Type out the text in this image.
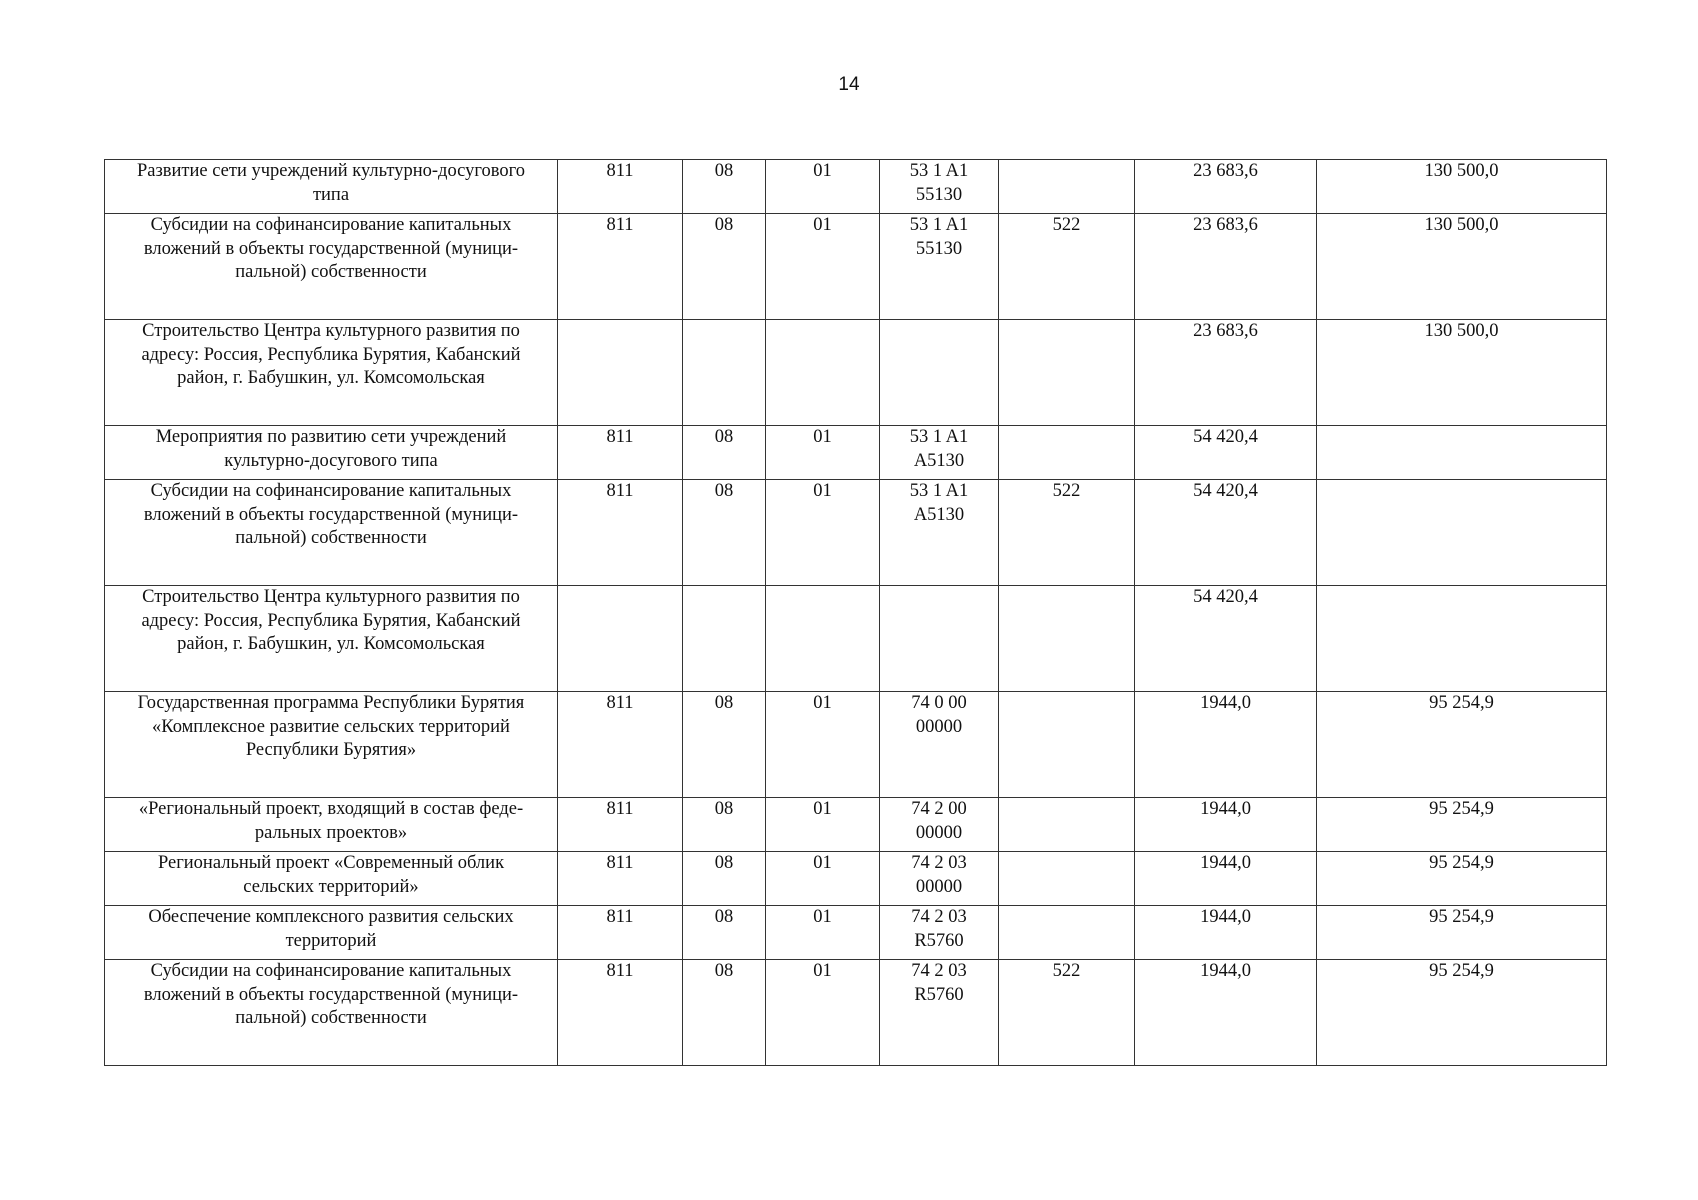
14
Развитие сети учреждений культурно-досугового
типа	811	08	01	53 1 A1
55130		23 683,6	130 500,0

Субсидии на софинансирование капитальных
вложений в объекты государственной (муници-
пальной) собственности	811	08	01	53 1 A1
55130	522	23 683,6	130 500,0

Строительство Центра культурного развития по
адресу: Россия, Республика Бурятия, Кабанский
район, г. Бабушкин, ул. Комсомольская						23 683,6	130 500,0

Мероприятия по развитию сети учреждений
культурно-досугового типа	811	08	01	53 1 A1
A5130		54 420,4	

Субсидии на софинансирование капитальных
вложений в объекты государственной (муници-
пальной) собственности	811	08	01	53 1 A1
A5130	522	54 420,4	

Строительство Центра культурного развития по
адресу: Россия, Республика Бурятия, Кабанский
район, г. Бабушкин, ул. Комсомольская						54 420,4	

Государственная программа Республики Бурятия
«Комплексное развитие сельских территорий
Республики Бурятия»	811	08	01	74 0 00
00000		1944,0	95 254,9

«Региональный проект, входящий в состав феде-
ральных проектов»	811	08	01	74 2 00
00000		1944,0	95 254,9

Региональный проект «Современный облик
сельских территорий»	811	08	01	74 2 03
00000		1944,0	95 254,9

Обеспечение комплексного развития сельских
территорий	811	08	01	74 2 03
R5760		1944,0	95 254,9

Субсидии на софинансирование капитальных
вложений в объекты государственной (муници-
пальной) собственности	811	08	01	74 2 03
R5760	522	1944,0	95 254,9
